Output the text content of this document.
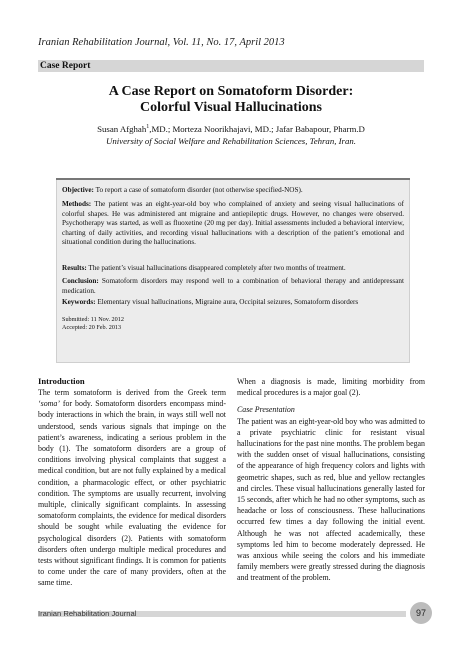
Iranian Rehabilitation Journal, Vol. 11, No. 17, April 2013
Case Report
A Case Report on Somatoform Disorder:
Colorful Visual Hallucinations
Susan Afghah$^1$,MD.; Morteza Noorikhajavi, MD.; Jafar Babapour, Pharm.D
University of Social Welfare and Rehabilitation Sciences, Tehran, Iran.
Objective: To report a case of somatoform disorder (not otherwise specified-NOS).
Methods: The patient was an eight-year-old boy who complained of anxiety and seeing visual hallucinations of colorful shapes. He was administered ant migraine and antiepileptic drugs. However, no changes were observed. Psychotherapy was started, as well as fluoxetine (20 mg per day). Initial assessments included a behavioral interview, charting of daily activities, and recording visual hallucinations with a description of the patient’s emotional and situational condition during the hallucinations.
Results: The patient’s visual hallucinations disappeared completely after two months of treatment.
Conclusion: Somatoform disorders may respond well to a combination of behavioral therapy and antidepressant medication.
Keywords: Elementary visual hallucinations, Migraine aura, Occipital seizures, Somatoform disorders
Submitted: 11 Nov. 2012
Accepted: 20 Feb. 2013
Introduction

The term somatoform is derived from the Greek term ‘soma’ for body. Somatoform disorders encompass mind-body interactions in which the brain, in ways still well not understood, sends various signals that impinge on the patient’s awareness, indicating a serious problem in the body (1). The somatoform disorders are a group of conditions involving physical complaints that suggest a medical condition, but are not fully explained by a medical condition, a pharmacologic effect, or other psychiatric condition. The symptoms are usually recurrent, involving multiple, clinically significant complaints. In assessing somatoform complaints, the evidence for medical disorders should be sought while evaluating the evidence for psychological disorders (2). Patients with somatoform disorders often undergo multiple medical procedures and tests without significant findings. It is common for patients to come under the care of many providers, often at the same time.

When a diagnosis is made, limiting morbidity from medical procedures is a major goal (2).

Case Presentation

The patient was an eight-year-old boy who was admitted to a private psychiatric clinic for resistant visual hallucinations for the past nine months. The problem began with the sudden onset of visual hallucinations, consisting of the appearance of high frequency colors and lights with geometric shapes, such as red, blue and yellow rectangles and circles. These visual hallucinations generally lasted for 15 seconds, after which he had no other symptoms, such as headache or loss of consciousness. These hallucinations occurred few times a day following the initial event. Although he was not affected academically, these symptoms led him to become moderately depressed. He was anxious while seeing the colors and his immediate family members were greatly stressed during the diagnosis and treatment of the problem.

Iranian Rehabilitation Journal	97
